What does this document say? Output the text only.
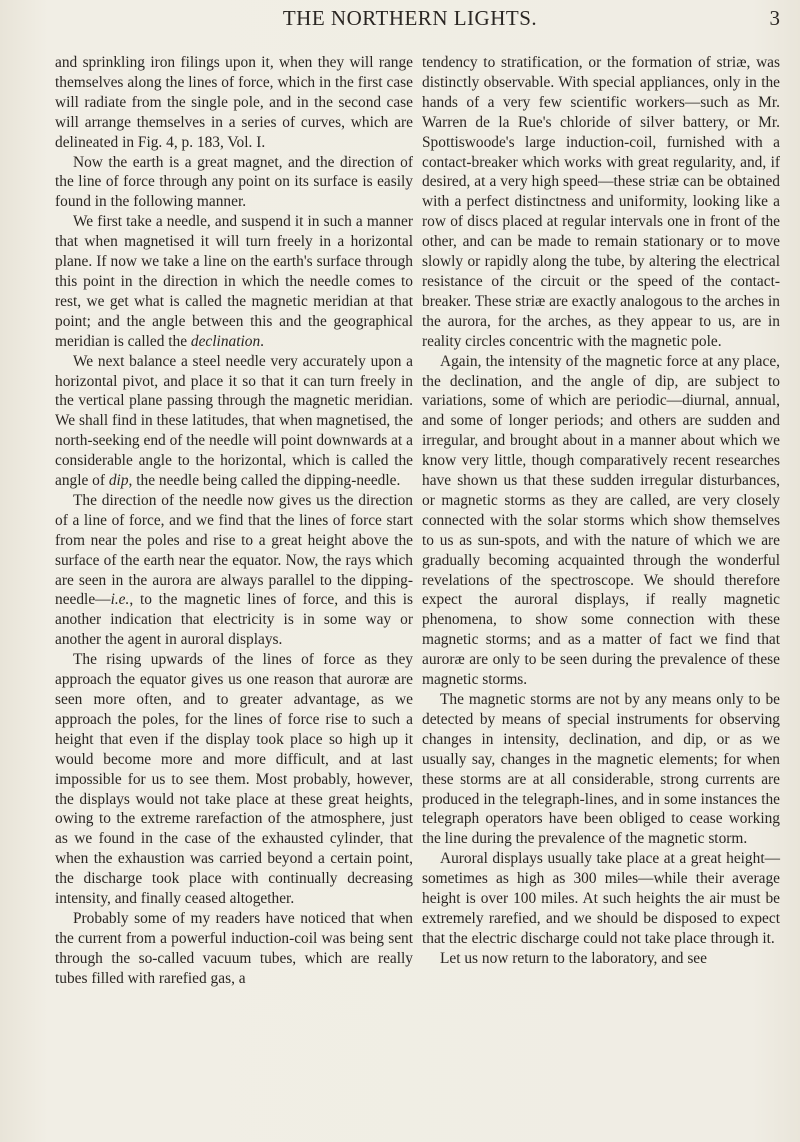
THE NORTHERN LIGHTS.	3

and sprinkling iron filings upon it, when they will range themselves along the lines of force, which in the first case will radiate from the single pole, and in the second case will arrange themselves in a series of curves, which are delineated in Fig. 4, p. 183, Vol. I.

Now the earth is a great magnet, and the direction of the line of force through any point on its surface is easily found in the following manner.

We first take a needle, and suspend it in such a manner that when magnetised it will turn freely in a horizontal plane. If now we take a line on the earth's surface through this point in the direction in which the needle comes to rest, we get what is called the magnetic meridian at that point; and the angle between this and the geographical meridian is called the declination.

We next balance a steel needle very accurately upon a horizontal pivot, and place it so that it can turn freely in the vertical plane passing through the magnetic meridian. We shall find in these latitudes, that when magnetised, the north-seeking end of the needle will point downwards at a considerable angle to the horizontal, which is called the angle of dip, the needle being called the dipping-needle.

The direction of the needle now gives us the direction of a line of force, and we find that the lines of force start from near the poles and rise to a great height above the surface of the earth near the equator. Now, the rays which are seen in the aurora are always parallel to the dipping-needle—i.e., to the magnetic lines of force, and this is another indication that electricity is in some way or another the agent in auroral displays.

The rising upwards of the lines of force as they approach the equator gives us one reason that auroræ are seen more often, and to greater advantage, as we approach the poles, for the lines of force rise to such a height that even if the display took place so high up it would become more and more difficult, and at last impossible for us to see them. Most probably, however, the displays would not take place at these great heights, owing to the extreme rarefaction of the atmosphere, just as we found in the case of the exhausted cylinder, that when the exhaustion was carried beyond a certain point, the discharge took place with continually decreasing intensity, and finally ceased altogether.

Probably some of my readers have noticed that when the current from a powerful induction-coil was being sent through the so-called vacuum tubes, which are really tubes filled with rarefied gas, a

tendency to stratification, or the formation of striæ, was distinctly observable. With special appliances, only in the hands of a very few scientific workers—such as Mr. Warren de la Rue's chloride of silver battery, or Mr. Spottiswoode's large induction-coil, furnished with a contact-breaker which works with great regularity, and, if desired, at a very high speed—these striæ can be obtained with a perfect distinctness and uniformity, looking like a row of discs placed at regular intervals one in front of the other, and can be made to remain stationary or to move slowly or rapidly along the tube, by altering the electrical resistance of the circuit or the speed of the contact-breaker. These striæ are exactly analogous to the arches in the aurora, for the arches, as they appear to us, are in reality circles concentric with the magnetic pole.

Again, the intensity of the magnetic force at any place, the declination, and the angle of dip, are subject to variations, some of which are periodic—diurnal, annual, and some of longer periods; and others are sudden and irregular, and brought about in a manner about which we know very little, though comparatively recent researches have shown us that these sudden irregular disturbances, or magnetic storms as they are called, are very closely connected with the solar storms which show themselves to us as sun-spots, and with the nature of which we are gradually becoming acquainted through the wonderful revelations of the spectroscope. We should therefore expect the auroral displays, if really magnetic phenomena, to show some connection with these magnetic storms; and as a matter of fact we find that auroræ are only to be seen during the prevalence of these magnetic storms.

The magnetic storms are not by any means only to be detected by means of special instruments for observing changes in intensity, declination, and dip, or as we usually say, changes in the magnetic elements; for when these storms are at all considerable, strong currents are produced in the telegraph-lines, and in some instances the telegraph operators have been obliged to cease working the line during the prevalence of the magnetic storm.

Auroral displays usually take place at a great height—sometimes as high as 300 miles—while their average height is over 100 miles. At such heights the air must be extremely rarefied, and we should be disposed to expect that the electric discharge could not take place through it.

Let us now return to the laboratory, and see
